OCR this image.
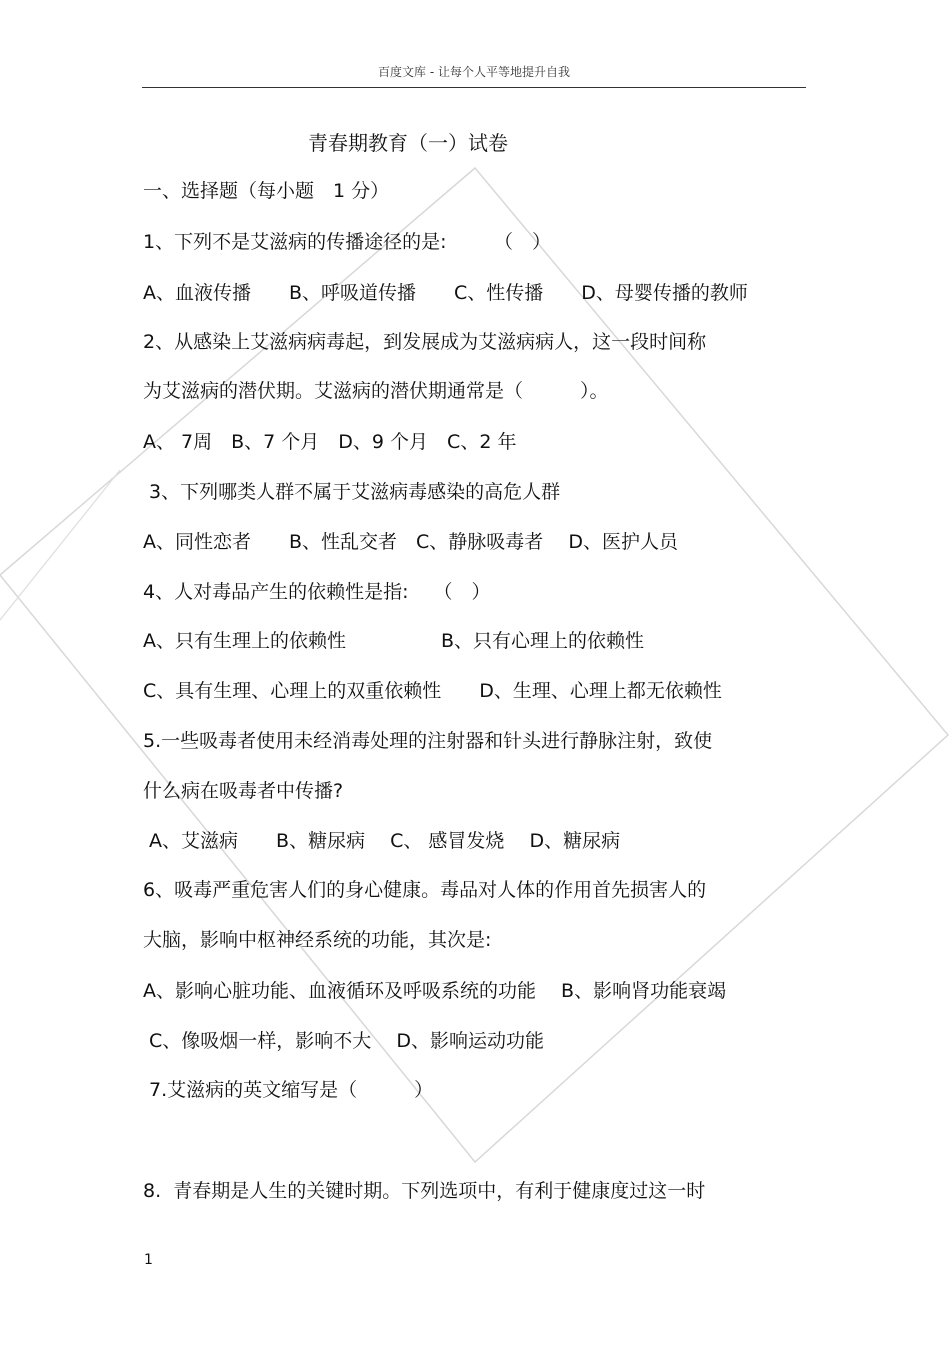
百度文库 - 让每个人平等地提升自我
青春期教育（一）试卷
一、选择题（每小题　1 分）
1、下列不是艾滋病的传播途径的是:　　　（　）
A、血液传播　　B、呼吸道传播　　C、性传播　　D、母婴传播的教师
2、从感染上艾滋病病毒起，到发展成为艾滋病病人，这一段时间称
为艾滋病的潜伏期。艾滋病的潜伏期通常是（　　　）。
A、 7周　B、7 个月　D、9 个月　C、2 年
3、下列哪类人群不属于艾滋病毒感染的高危人群
A、同性恋者　　B、性乱交者　C、静脉吸毒者　 D、医护人员
4、人对毒品产生的依赖性是指:　 （　）
A、只有生理上的依赖性　　　　　B、只有心理上的依赖性
C、具有生理、心理上的双重依赖性　　D、生理、心理上都无依赖性
5.一些吸毒者使用未经消毒处理的注射器和针头进行静脉注射，致使
什么病在吸毒者中传播?
A、艾滋病　　B、糖尿病　 C、 感冒发烧　 D、糖尿病
6、吸毒严重危害人们的身心健康。毒品对人体的作用首先损害人的
大脑，影响中枢神经系统的功能，其次是:
A、影响心脏功能、血液循环及呼吸系统的功能　 B、影响肾功能衰竭
C、像吸烟一样，影响不大　 D、影响运动功能
7.艾滋病的英文缩写是（　　　）
8.  青春期是人生的关键时期。下列选项中，有利于健康度过这一时
1
